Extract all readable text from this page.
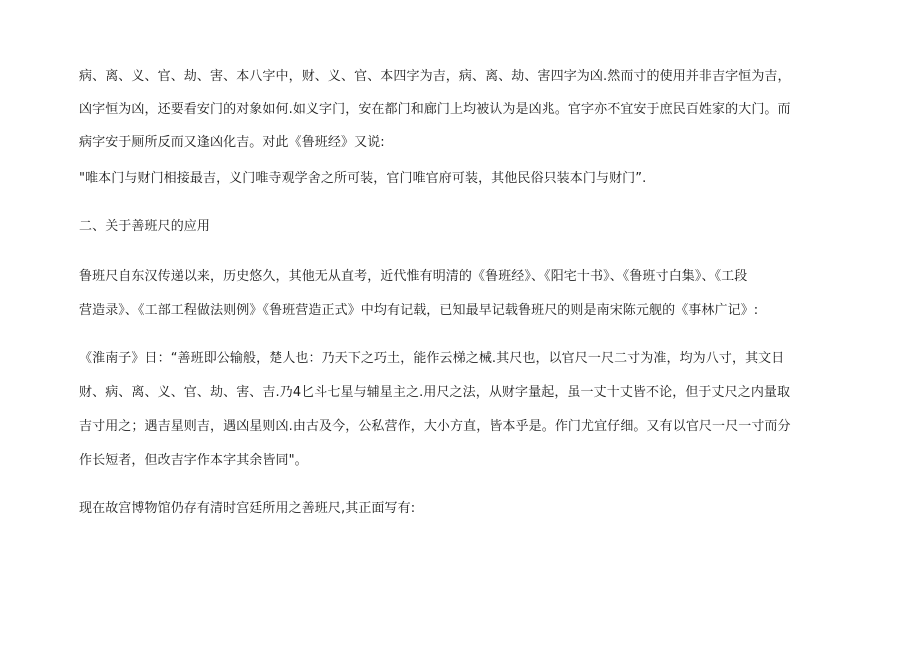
病、离、义、官、劫、害、本八字中，财、义、官、本四字为吉，病、离、劫、害四字为凶.然而寸的使用并非吉字恒为吉，
凶字恒为凶，还要看安门的对象如何.如义字门，安在都门和廊门上均被认为是凶兆。官字亦不宜安于庶民百姓家的大门。而
病字安于厕所反而又逢凶化吉。对此《鲁班经》又说:
"唯本门与财门相接最吉，义门唯寺观学舍之所可装，官门唯官府可装，其他民俗只装本门与财门”.
二、关于善班尺的应用
鲁班尺自东汉传递以来，历史悠久，其他无从直考，近代惟有明清的《鲁班经》、《阳宅十书》、《鲁班寸白集》、《工段
营造录》、《工部工程做法则例》《鲁班营造正式》中均有记载，已知最早记载鲁班尺的则是南宋陈元舰的《事林广记》:
《淮南子》日：“善班即公输般，楚人也：乃天下之巧土，能作云梯之械.其尺也，以官尺一尺二寸为准，均为八寸，其文日
财、病、离、义、官、劫、害、吉.乃4匕斗七星与辅星主之.用尺之法，从财字量起，虽一丈十丈皆不论，但于丈尺之内量取
吉寸用之；遇吉星则吉，遇凶星则凶.由古及今，公私营作，大小方直，皆本乎是。作门尤宜仔细。又有以官尺一尺一寸而分
作长短者，但改吉字作本字其余皆同"。
现在故宫博物馆仍存有清时宫廷所用之善班尺,其正面写有:
